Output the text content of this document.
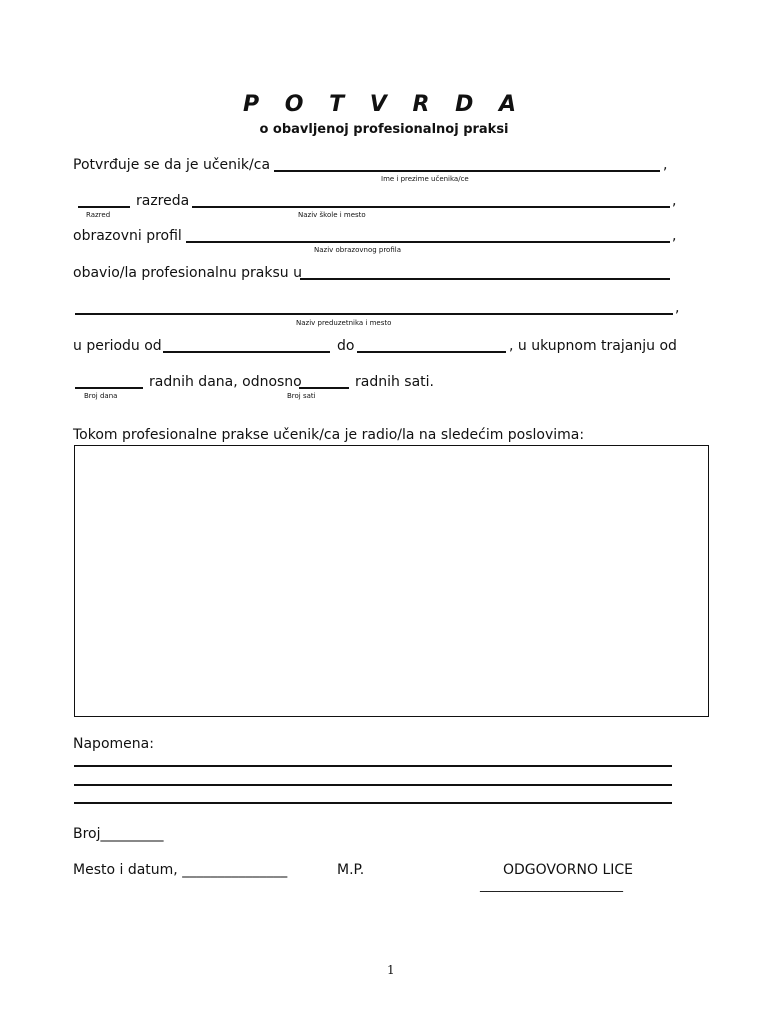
P O T V R D A
o obavljenoj profesionalnoj praksi
Potvrđuje se da je učenik/ca	,
Ime i prezime učenika/ce
razreda	,
Razred	Naziv škole i mesto
obrazovni profil	,
Naziv obrazovnog profila
obavio/la profesionalnu praksu u
,
Naziv preduzetnika i mesto
u periodu od	do	, u ukupnom trajanju od
radnih dana, odnosno	radnih sati.
Broj dana	Broj sati
Tokom profesionalne prakse učenik/ca je radio/la na sledećim poslovima:
Napomena:
Broj_________
Mesto i datum, _______________	M.P.	ODGOVORNO LICE
______________________
1
